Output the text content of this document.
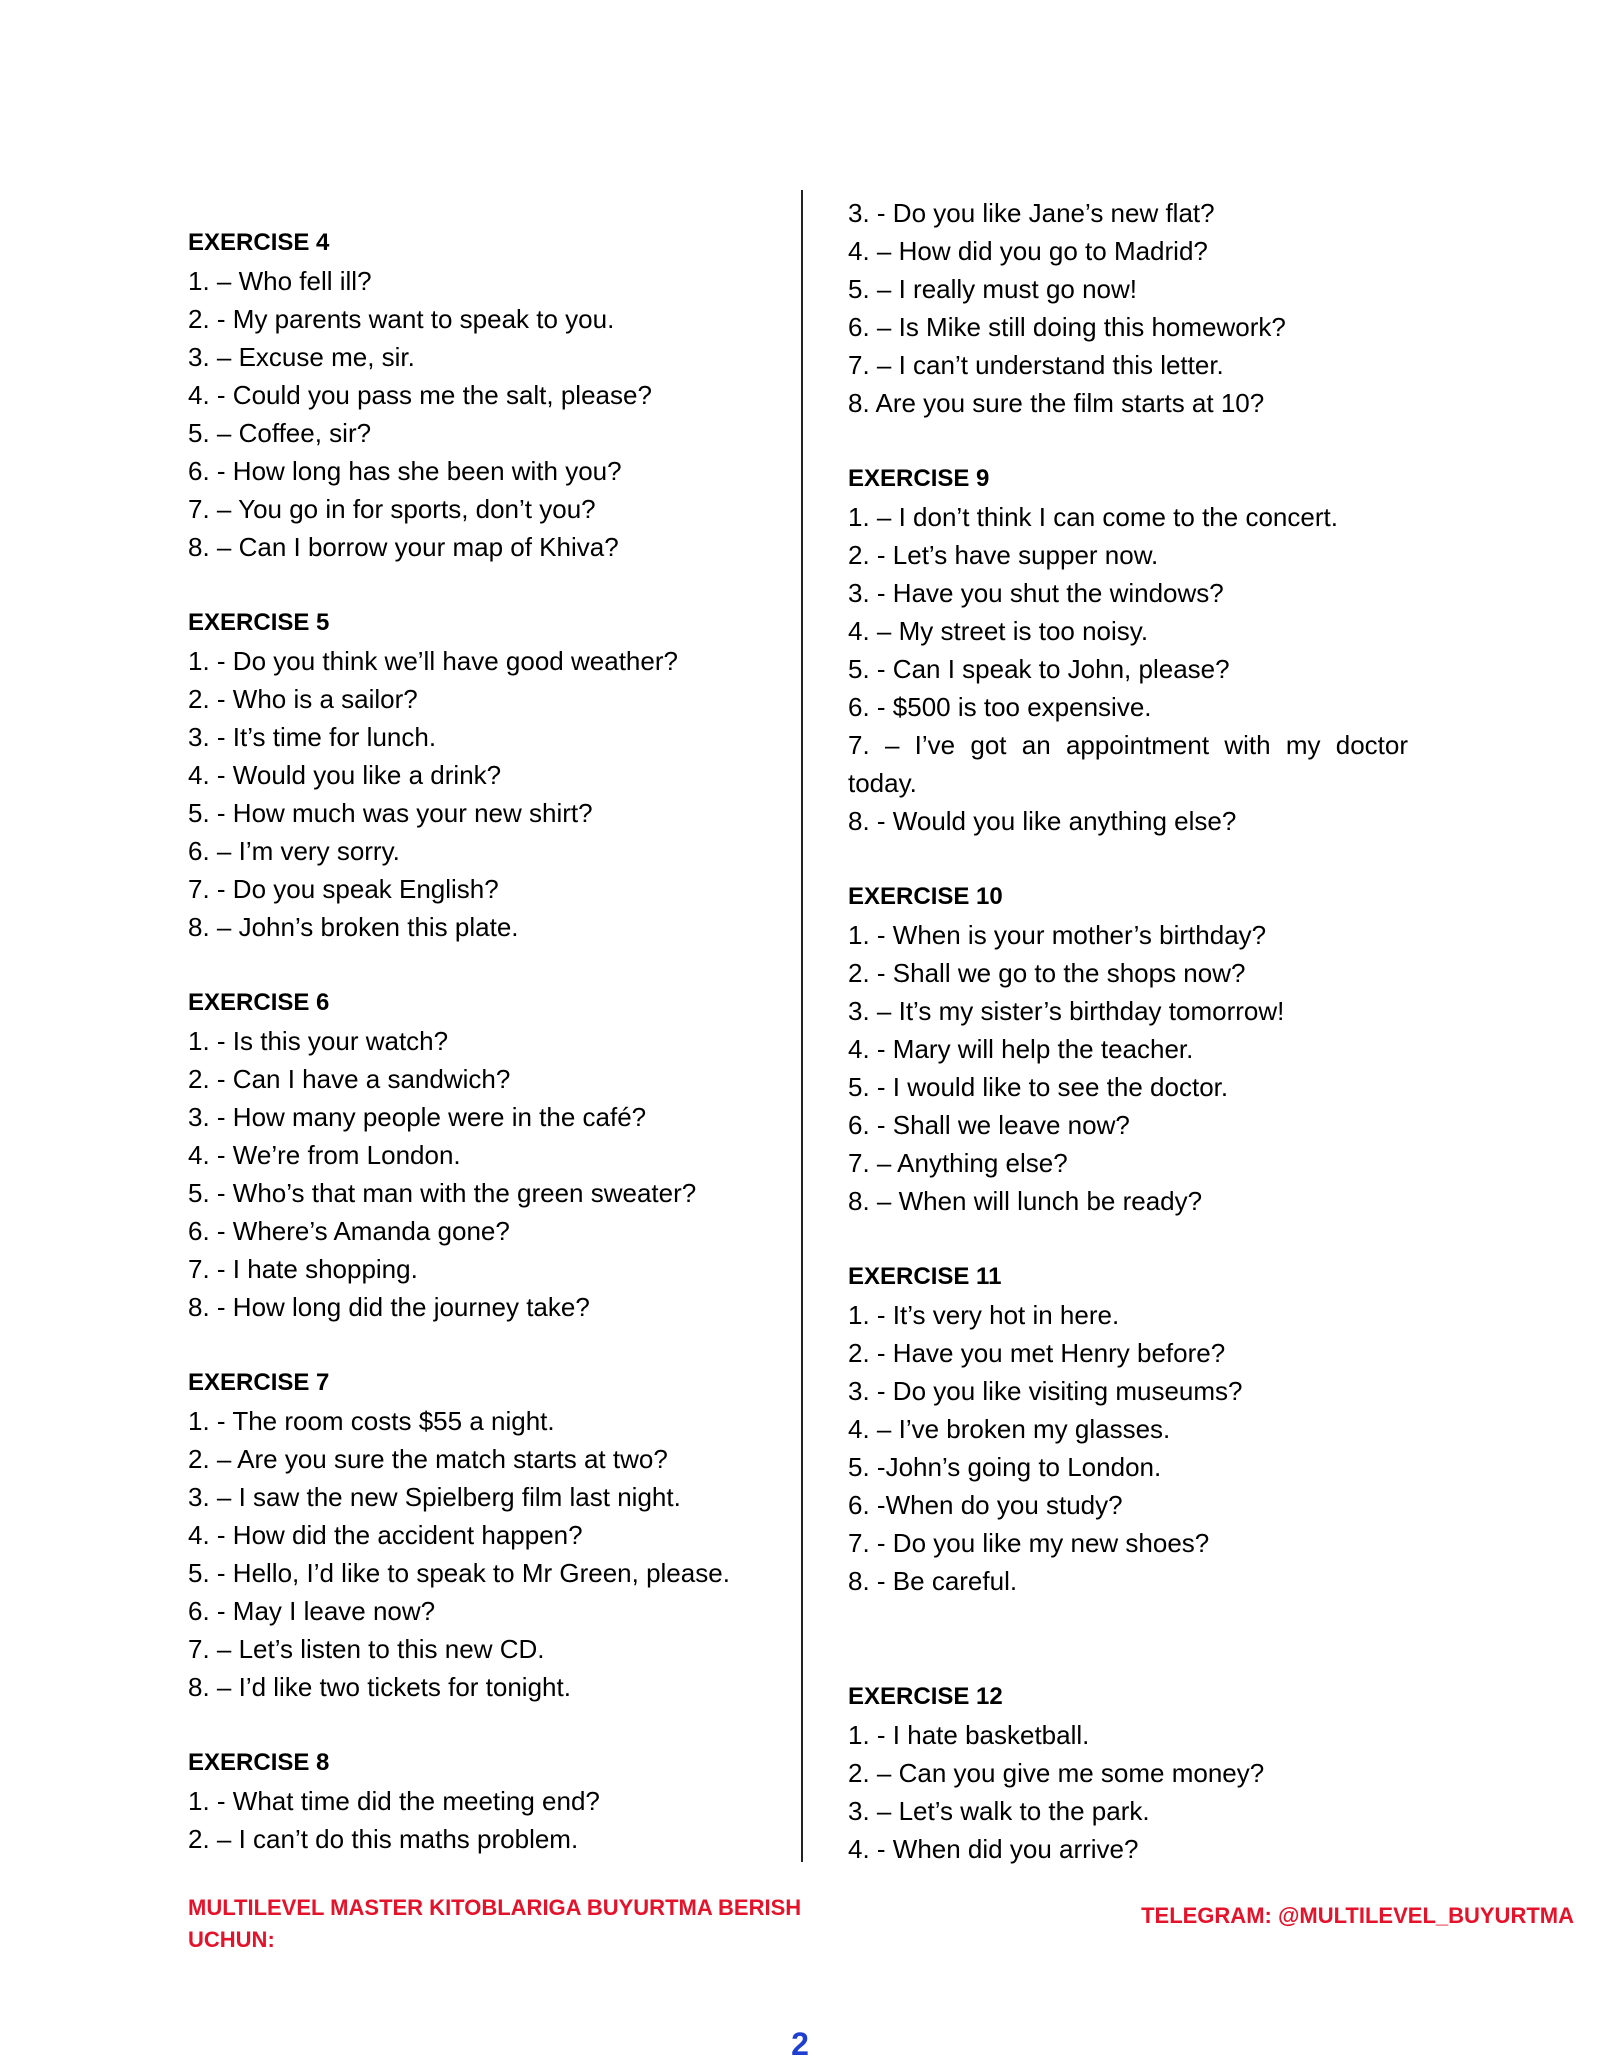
EXERCISE 4
1. – Who fell ill?
2. - My parents want to speak to you.
3. – Excuse me, sir.
4. - Could you pass me the salt, please?
5. – Coffee, sir?
6. - How long has she been with you?
7. – You go in for sports, don’t you?
8. – Can I borrow your map of Khiva?
EXERCISE 5
1. - Do you think we’ll have good weather?
2. - Who is a sailor?
3. - It’s time for lunch.
4. - Would you like a drink?
5. - How much was your new shirt?
6. – I’m very sorry.
7. - Do you speak English?
8. – John’s broken this plate.
EXERCISE 6
1. - Is this your watch?
2. - Can I have a sandwich?
3. - How many people were in the café?
4. - We’re from London.
5. - Who’s that man with the green sweater?
6. - Where’s Amanda gone?
7. - I hate shopping.
8. - How long did the journey take?
EXERCISE 7
1. - The room costs $55 a night.
2. – Are you sure the match starts at two?
3. – I saw the new Spielberg film last night.
4. - How did the accident happen?
5. - Hello, I’d like to speak to Mr Green, please.
6. - May I leave now?
7. – Let’s listen to this new CD.
8. – I’d like two tickets for tonight.
EXERCISE 8
1. - What time did the meeting end?
2. – I can’t do this maths problem.
3. - Do you like Jane’s new flat?
4. – How did you go to Madrid?
5. – I really must go now!
6. – Is Mike still doing this homework?
7. – I can’t understand this letter.
8. Are you sure the film starts at 10?
EXERCISE 9
1. – I don’t think I can come to the concert.
2. - Let’s have supper now.
3. - Have you shut the windows?
4. – My street is too noisy.
5. - Can I speak to John, please?
6. - $500 is too expensive.
7. – I’ve got an appointment with my doctor today.
8. - Would you like anything else?
EXERCISE 10
1. - When is your mother’s birthday?
2. - Shall we go to the shops now?
3. – It’s my sister’s birthday tomorrow!
4. - Mary will help the teacher.
5. - I would like to see the doctor.
6. - Shall we leave now?
7. – Anything else?
8. – When will lunch be ready?
EXERCISE 11
1. - It’s very hot in here.
2. - Have you met Henry before?
3. - Do you like visiting museums?
4. – I’ve broken my glasses.
5. -John’s going to London.
6. -When do you study?
7. - Do you like my new shoes?
8. - Be careful.
EXERCISE 12
1. - I hate basketball.
2. – Can you give me some money?
3. – Let’s walk to the park.
4. - When did you arrive?
MULTILEVEL MASTER KITOBLARIGA BUYURTMA BERISH UCHUN:
TELEGRAM: @MULTILEVEL_BUYURTMA
2
